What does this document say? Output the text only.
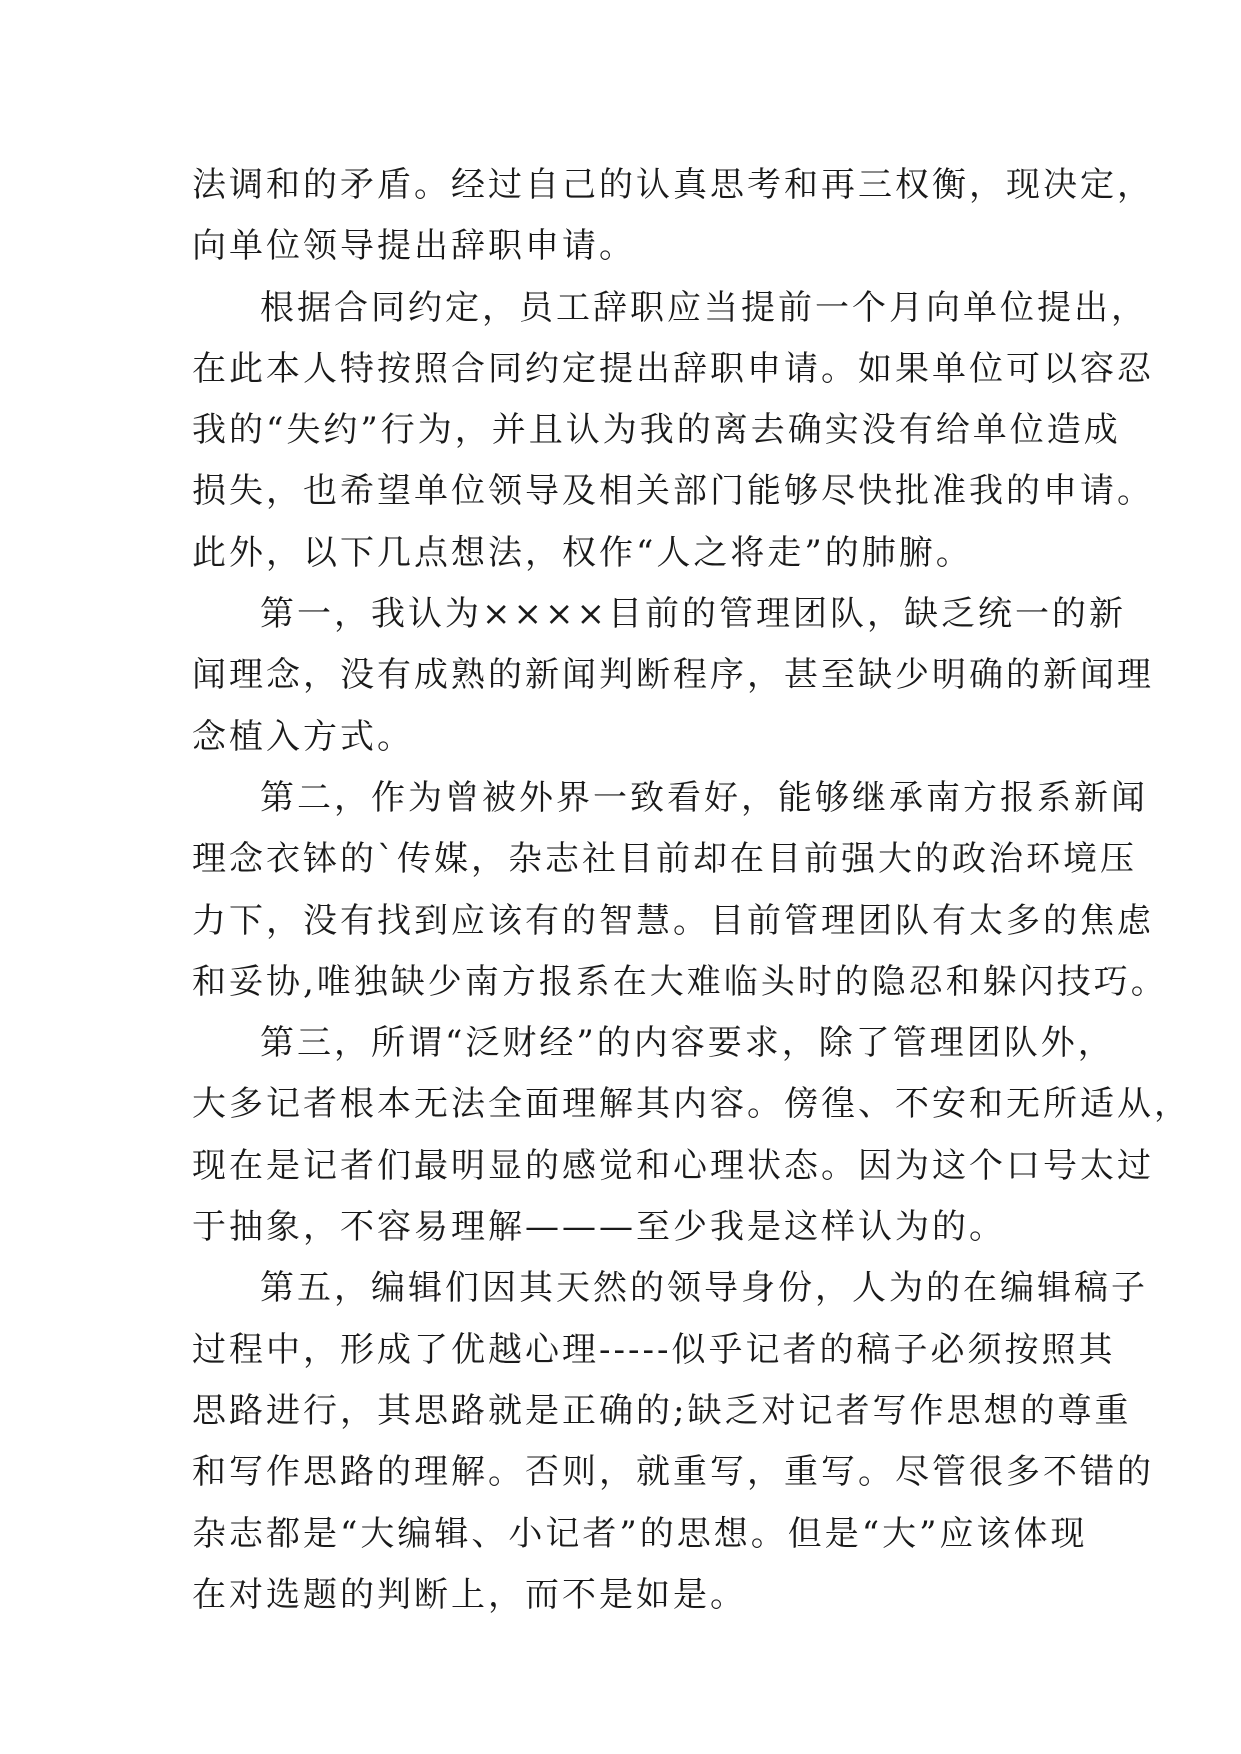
法调和的矛盾。经过自己的认真思考和再三权衡，现决定，
向单位领导提出辞职申请。
根据合同约定，员工辞职应当提前一个月向单位提出，
在此本人特按照合同约定提出辞职申请。如果单位可以容忍
我的“失约”行为，并且认为我的离去确实没有给单位造成
损失，也希望单位领导及相关部门能够尽快批准我的申请。
此外，以下几点想法，权作“人之将走”的肺腑。
第一，我认为××××目前的管理团队，缺乏统一的新
闻理念，没有成熟的新闻判断程序，甚至缺少明确的新闻理
念植入方式。
第二，作为曾被外界一致看好，能够继承南方报系新闻
理念衣钵的`传媒，杂志社目前却在目前强大的政治环境压
力下，没有找到应该有的智慧。目前管理团队有太多的焦虑
和妥协,唯独缺少南方报系在大难临头时的隐忍和躲闪技巧。
第三，所谓“泛财经”的内容要求，除了管理团队外，
大多记者根本无法全面理解其内容。傍徨、不安和无所适从，
现在是记者们最明显的感觉和心理状态。因为这个口号太过
于抽象，不容易理解———至少我是这样认为的。
第五，编辑们因其天然的领导身份，人为的在编辑稿子
过程中，形成了优越心理-----似乎记者的稿子必须按照其
思路进行，其思路就是正确的;缺乏对记者写作思想的尊重
和写作思路的理解。否则，就重写，重写。尽管很多不错的
杂志都是“大编辑、小记者”的思想。但是“大”应该体现
在对选题的判断上，而不是如是。
